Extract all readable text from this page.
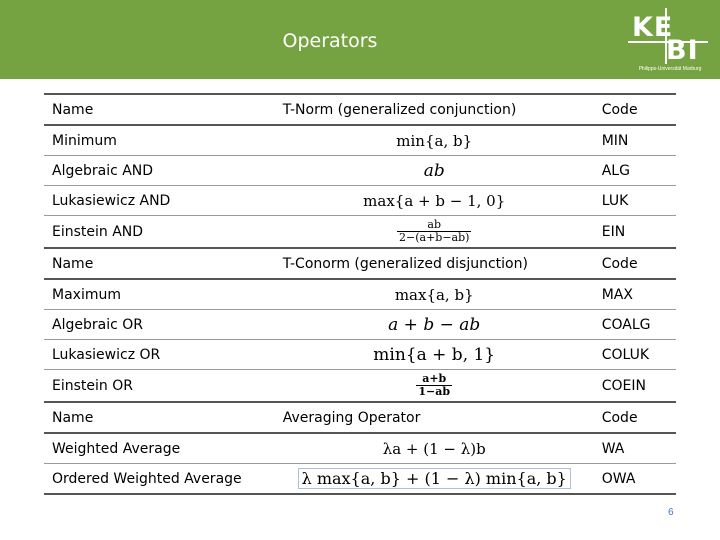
Operators	KE
BI
Philipps-Universität Marburg
Name	T-Norm (generalized conjunction)	Code
Minimum	min{a, b}	MIN
Algebraic AND	ab	ALG
Lukasiewicz AND	max{a + b − 1, 0}	LUK
Einstein AND	$\frac{ab}{2-(a+b-ab)}$	EIN
Name	T-Conorm (generalized disjunction)	Code
Maximum	max{a, b}	MAX
Algebraic OR	a + b − ab	COALG
Lukasiewicz OR	min{a + b, 1}	COLUK
Einstein OR	$\frac{a+b}{1-ab}$	COEIN
Name	Averaging Operator	Code
Weighted Average	λa + (1 − λ)b	WA
Ordered Weighted Average	λ max{a, b} + (1 − λ) min{a, b}	OWA
6
